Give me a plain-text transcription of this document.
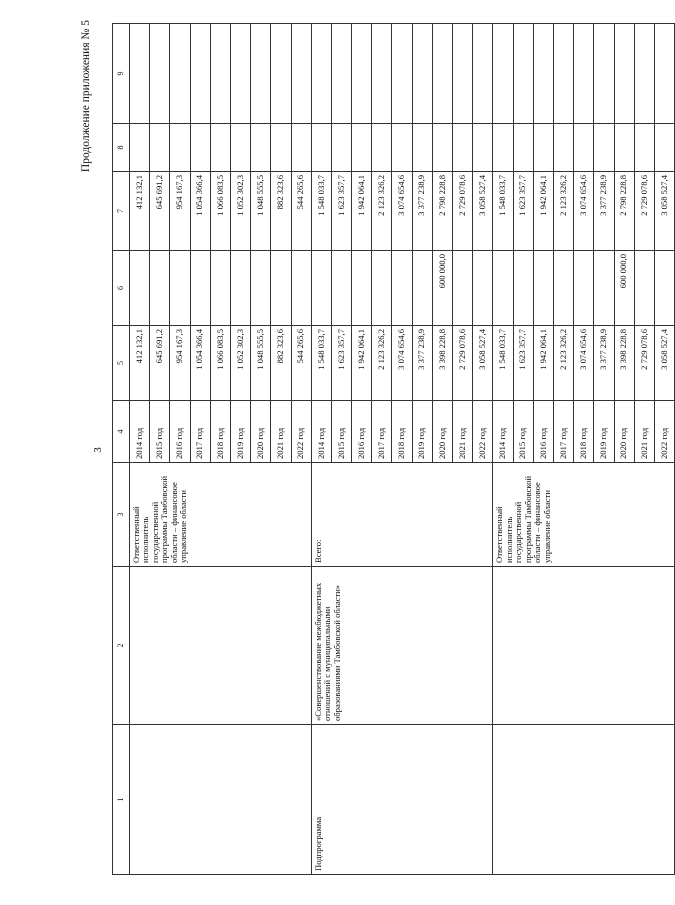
3
Продолжение приложения № 5
1	2	3	4	5	6	7	8	9
		Ответственный исполнитель государственной программы Тамбовской области – финансовое управление области	2014 год	412 132,1		412 132,1		
			2015 год	645 691,2		645 691,2		
			2016 год	954 167,3		954 167,3		
			2017 год	1 054 366,4		1 054 366,4		
			2018 год	1 066 083,5		1 066 083,5		
			2019 год	1 052 302,3		1 052 302,3		
			2020 год	1 048 555,5		1 048 555,5		
			2021 год	882 323,6		882 323,6		
			2022 год	544 265,6		544 265,6		
Подпрограмма	«Совершенствование межбюджетных отношений с муниципальными образованиями Тамбовской области»	Всего:	2014 год	1 548 033,7		1 548 033,7		
			2015 год	1 623 357,7		1 623 357,7		
			2016 год	1 942 064,1		1 942 064,1		
			2017 год	2 123 326,2		2 123 326,2		
			2018 год	3 074 654,6		3 074 654,6		
			2019 год	3 377 238,9		3 377 238,9		
			2020 год	3 398 228,8	600 000,0	2 798 228,8		
			2021 год	2 729 078,6		2 729 078,6		
			2022 год	3 058 527,4		3 058 527,4		
		Ответственный исполнитель государственной программы Тамбовской области – финансовое управление области	2014 год	1 548 033,7		1 548 033,7		
			2015 год	1 623 357,7		1 623 357,7		
			2016 год	1 942 064,1		1 942 064,1		
			2017 год	2 123 326,2		2 123 326,2		
			2018 год	3 074 654,6		3 074 654,6		
			2019 год	3 377 238,9		3 377 238,9		
			2020 год	3 398 228,8	600 000,0	2 798 228,8		
			2021 год	2 729 078,6		2 729 078,6		
			2022 год	3 058 527,4		3 058 527,4		
